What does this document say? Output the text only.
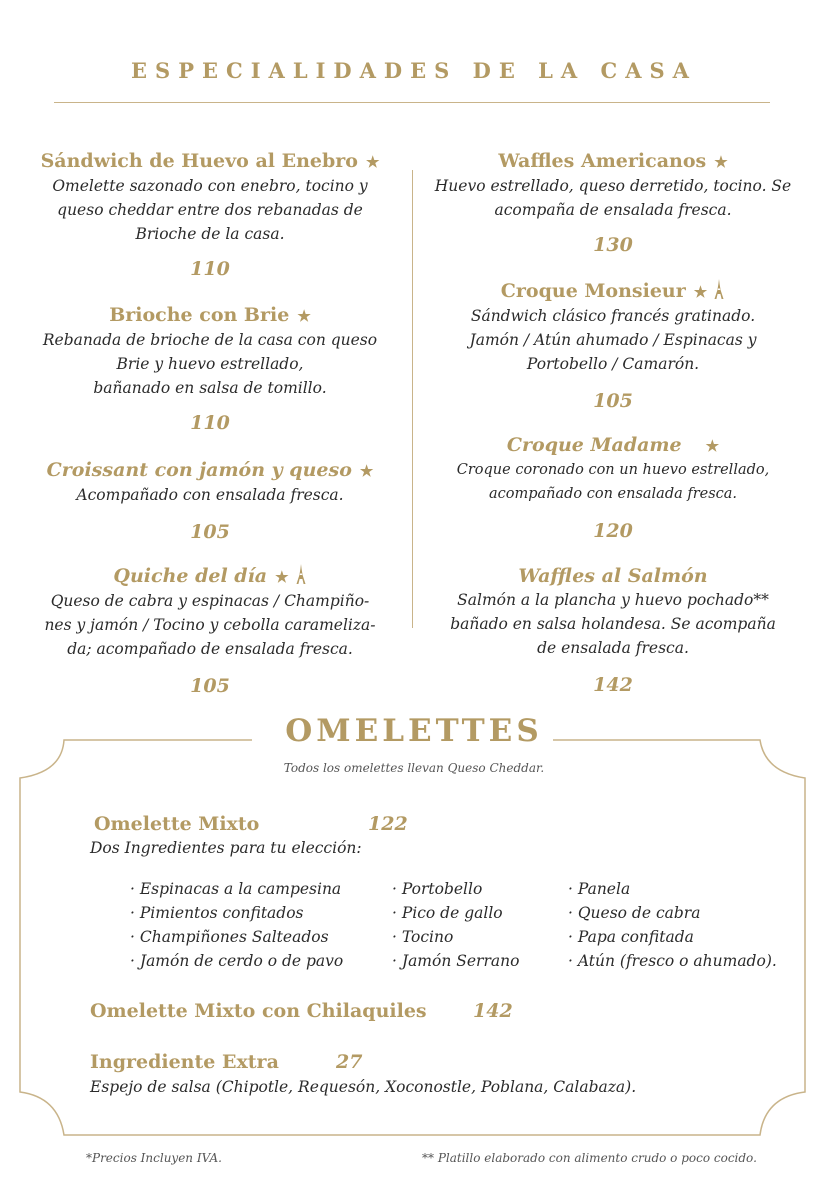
ESPECIALIDADES DE LA CASA
Sándwich de Huevo al Enebro ★
Omelette sazonado con enebro, tocino y
queso cheddar entre dos rebanadas de
Brioche de la casa.
110
Brioche con Brie ★
Rebanada de brioche de la casa con queso
Brie y huevo estrellado,
bañanado en salsa de tomillo.
110
Croissant con jamón y queso ★
Acompañado con ensalada fresca.
105
Quiche del día ★
Queso de cabra y espinacas / Champiño-
nes y jamón / Tocino y cebolla carameliza-
da; acompañado de ensalada fresca.
105
Waffles Americanos ★
Huevo estrellado, queso derretido, tocino. Se
acompaña de ensalada fresca.
130
Croque Monsieur ★
Sándwich clásico francés gratinado.
Jamón / Atún ahumado / Espinacas y
Portobello / Camarón.
105
Croque Madame ★
Croque coronado con un huevo estrellado,
acompañado con ensalada fresca.
120
Waffles al Salmón
Salmón a la plancha y huevo pochado**
bañado en salsa holandesa. Se acompaña
de ensalada fresca.
142
OMELETTES
Todos los omelettes llevan Queso Cheddar.
Omelette Mixto	122
Dos Ingredientes para tu elección:
· Espinacas a la campesina
· Pimientos confitados
· Champiñones Salteados
· Jamón de cerdo o de pavo
· Portobello
· Pico de gallo
· Tocino
· Jamón Serrano
· Panela
· Queso de cabra
· Papa confitada
· Atún (fresco o ahumado).
Omelette Mixto con Chilaquiles 142
Ingrediente Extra	27
Espejo de salsa (Chipotle, Requesón, Xoconostle, Poblana, Calabaza).
*Precios Incluyen IVA.	** Platillo elaborado con alimento crudo o poco cocido.
